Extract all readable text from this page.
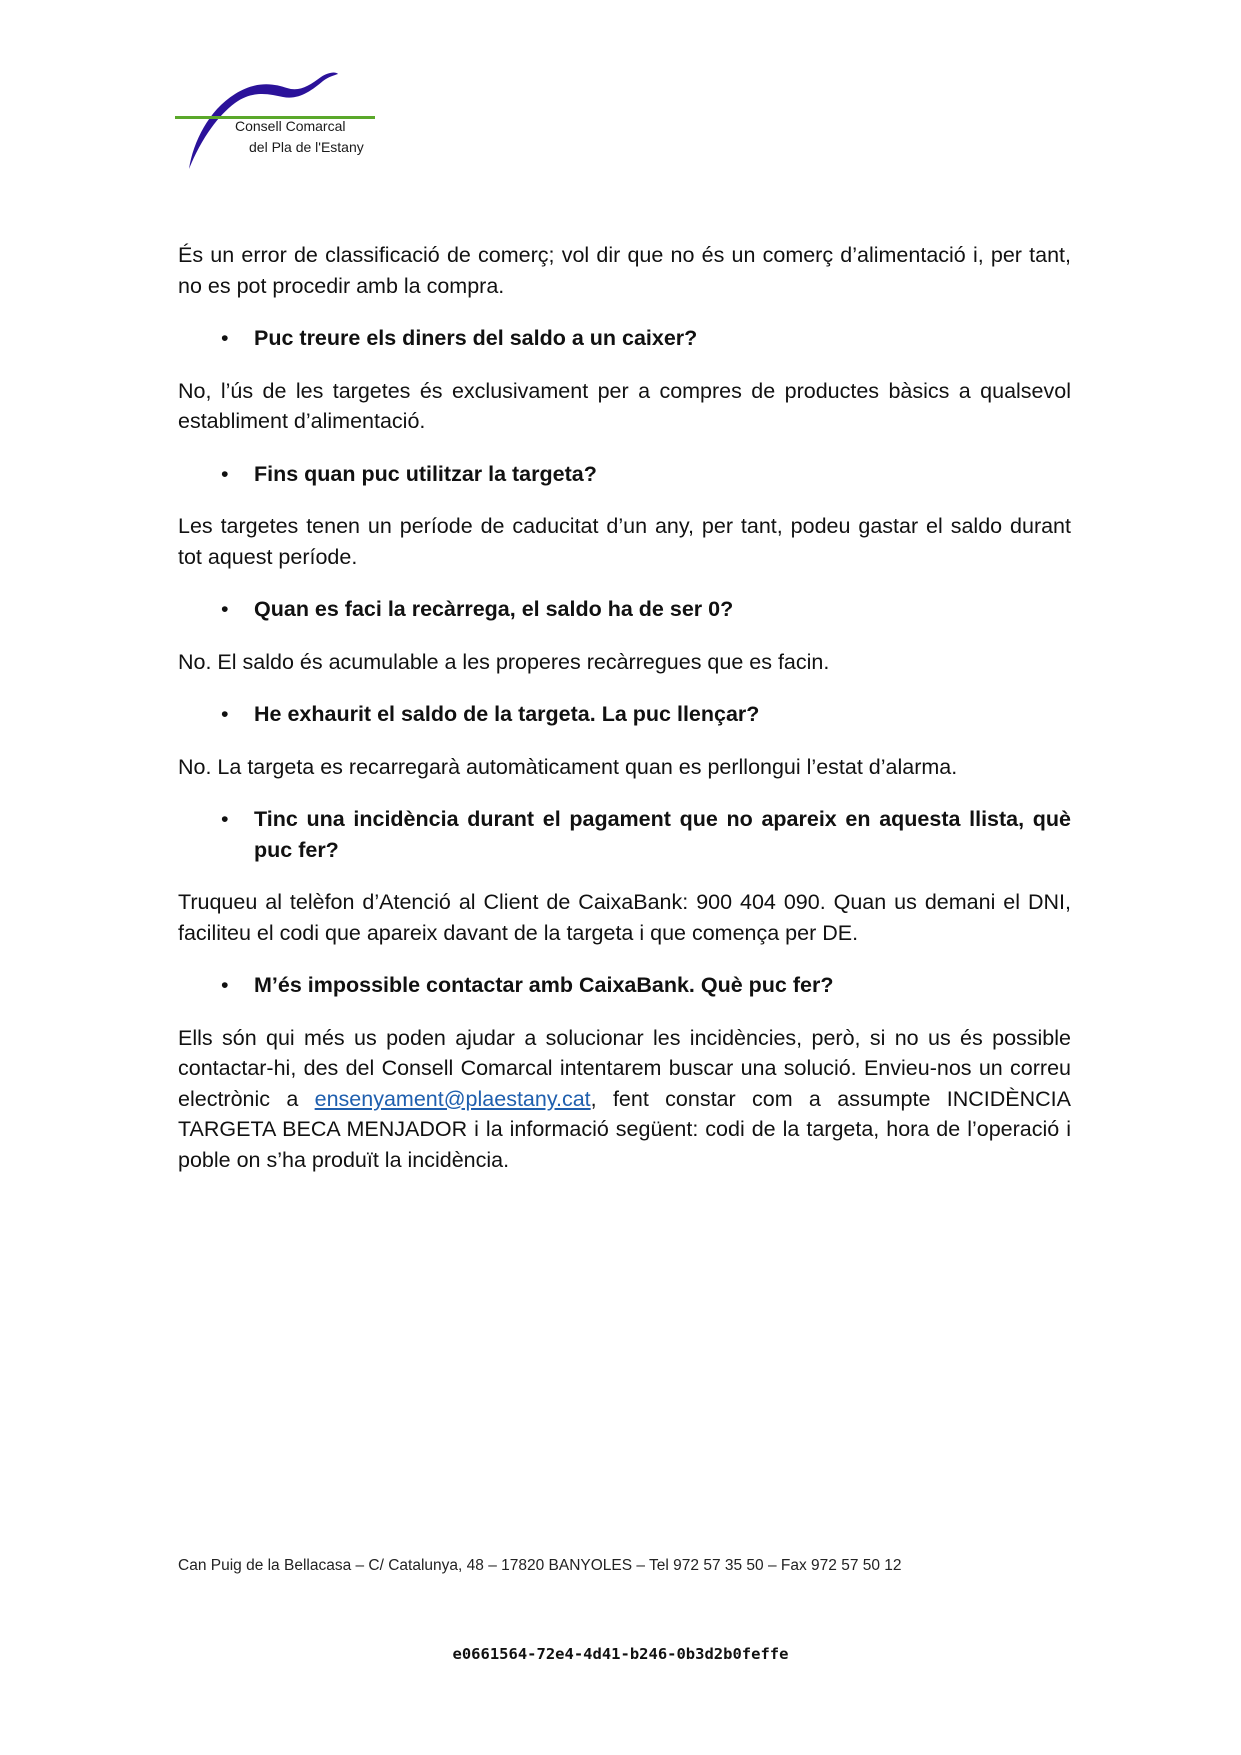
Consell Comarcal
del Pla de l'Estany

És un error de classificació de comerç; vol dir que no és un comerç d’alimentació i, per tant, no es pot procedir amb la compra.

• Puc treure els diners del saldo a un caixer?

No, l’ús de les targetes és exclusivament per a compres de productes bàsics a qualsevol establiment d’alimentació.

• Fins quan puc utilitzar la targeta?

Les targetes tenen un període de caducitat d’un any, per tant, podeu gastar el saldo durant tot aquest període.

• Quan es faci la recàrrega, el saldo ha de ser 0?

No. El saldo és acumulable a les properes recàrregues que es facin.

• He exhaurit el saldo de la targeta. La puc llençar?

No. La targeta es recarregarà automàticament quan es perllongui l’estat d’alarma.

• Tinc una incidència durant el pagament que no apareix en aquesta llista, què puc fer?

Truqueu al telèfon d’Atenció al Client de CaixaBank: 900 404 090. Quan us demani el DNI, faciliteu el codi que apareix davant de la targeta i que comença per DE.

• M’és impossible contactar amb CaixaBank. Què puc fer?

Ells són qui més us poden ajudar a solucionar les incidències, però, si no us és possible contactar-hi, des del Consell Comarcal intentarem buscar una solució. Envieu-nos un correu electrònic a ensenyament@plaestany.cat, fent constar com a assumpte INCIDÈNCIA TARGETA BECA MENJADOR i la informació següent: codi de la targeta, hora de l’operació i poble on s’ha produït la incidència.

Can Puig de la Bellacasa – C/ Catalunya, 48 – 17820 BANYOLES – Tel 972 57 35 50 – Fax 972 57 50 12
e0661564-72e4-4d41-b246-0b3d2b0feffe
